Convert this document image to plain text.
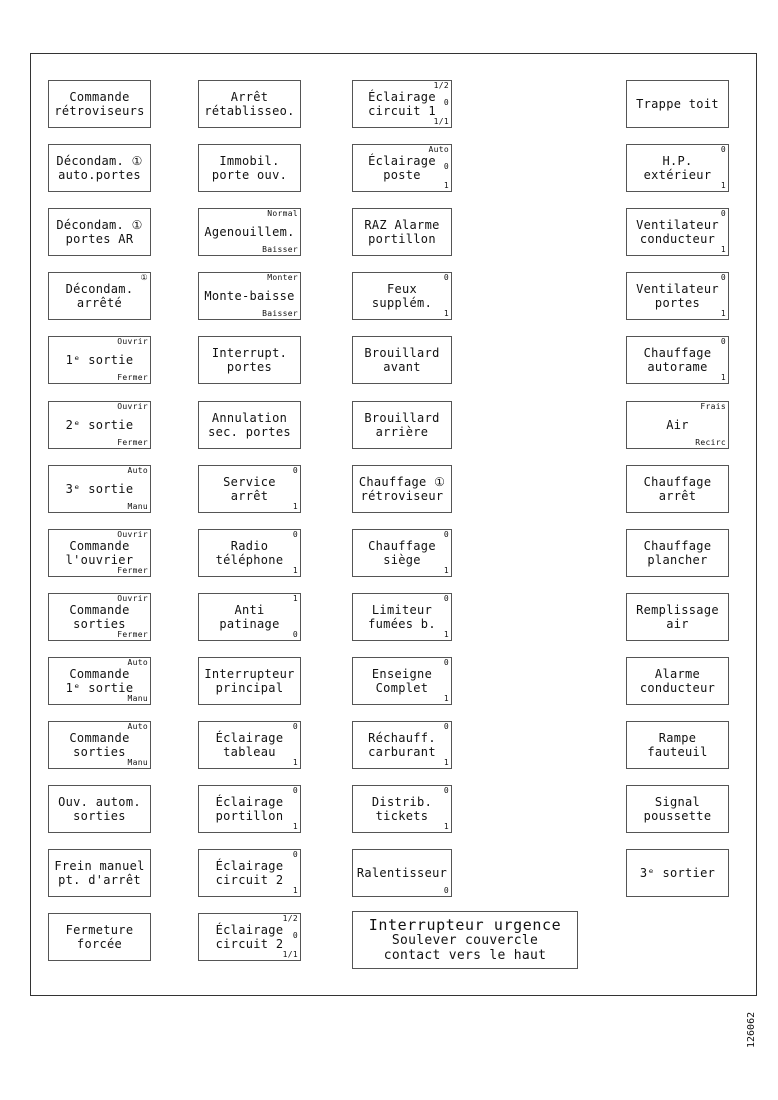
Commande
rétroviseurs
Décondam. ①
auto.portes
Décondam. ①
portes AR
Décondam.
arrêté
①
1ᵉ sortie
Ouvrir
Fermer
2ᵉ sortie
Ouvrir
Fermer
3ᵉ sortie
Auto
Manu
Commande
l'ouvrier
Ouvrir
Fermer
Commande
sorties
Ouvrir
Fermer
Commande
1ᵉ sortie
Auto
Manu
Commande
sorties
Auto
Manu
Ouv. autom.
sorties
Frein manuel
pt. d'arrêt
Fermeture
forcée
Arrêt
rétablisseo.
Immobil.
porte ouv.
Agenouillem.
Normal
Baisser
Monte-baisse
Monter
Baisser
Interrupt.
portes
Annulation
sec. portes
Service
arrêt
0
1
Radio
téléphone
0
1
Anti
patinage
1
0
Interrupteur
principal
Éclairage
tableau
0
1
Éclairage
portillon
0
1
Éclairage
circuit 2
0
1
Éclairage
circuit 2
1/2
0
1/1
Éclairage
circuit 1
1/2
0
1/1
Éclairage
poste
Auto
0
1
RAZ Alarme
portillon
Feux
supplém.
0
1
Brouillard
avant
Brouillard
arrière
Chauffage ①
rétroviseur
Chauffage
siège
0
1
Limiteur
fumées b.
0
1
Enseigne
Complet
0
1
Réchauff.
carburant
0
1
Distrib.
tickets
0
1
Ralentisseur
0
Interrupteur urgence
Soulever couvercle
contact vers le haut
Trappe toit
H.P.
extérieur
0
1
Ventilateur
conducteur
0
1
Ventilateur
portes
0
1
Chauffage
autorame
0
1
Air
Frais
Recirc
Chauffage
arrêt
Chauffage
plancher
Remplissage
air
Alarme
conducteur
Rampe
fauteuil
Signal
poussette
3ᵉ sortier
126062
